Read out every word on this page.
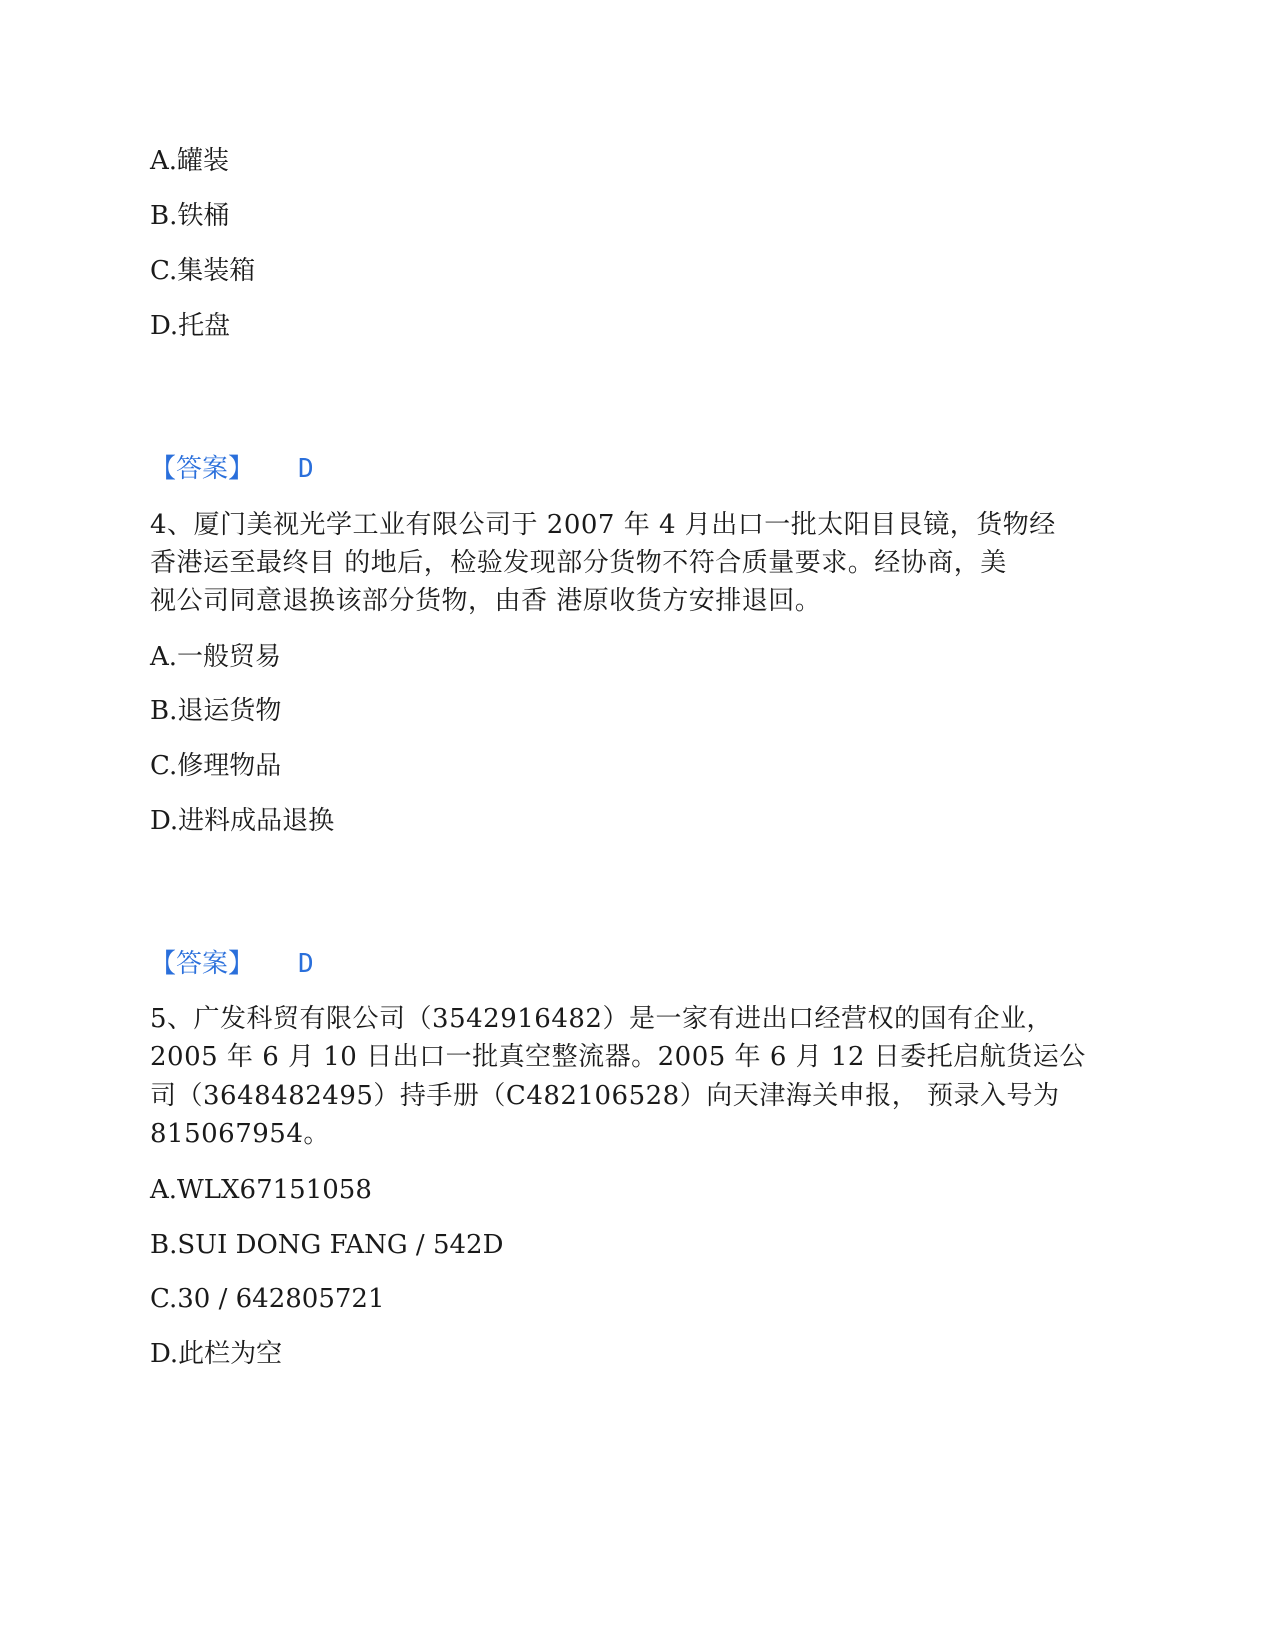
A.罐装

B.铁桶

C.集装箱

D.托盘

【答案】 D

4、厦门美视光学工业有限公司于 2007 年 4 月出口一批太阳目艮镜，货物经

香港运至最终目 的地后，检验发现部分货物不符合质量要求。经协商，美

视公司同意退换该部分货物，由香 港原收货方安排退回。

A.一般贸易

B.退运货物

C.修理物品

D.进料成品退换

【答案】 D

5、广发科贸有限公司（3542916482）是一家有进出口经营权的国有企业，

2005 年 6 月 10 日出口一批真空整流器。2005 年 6 月 12 日委托启航货运公

司（3648482495）持手册（C482106528）向天津海关申报， 预录入号为

815067954。

A.WLX67151058

B.SUI DONG FANG / 542D

C.30 / 642805721

D.此栏为空
